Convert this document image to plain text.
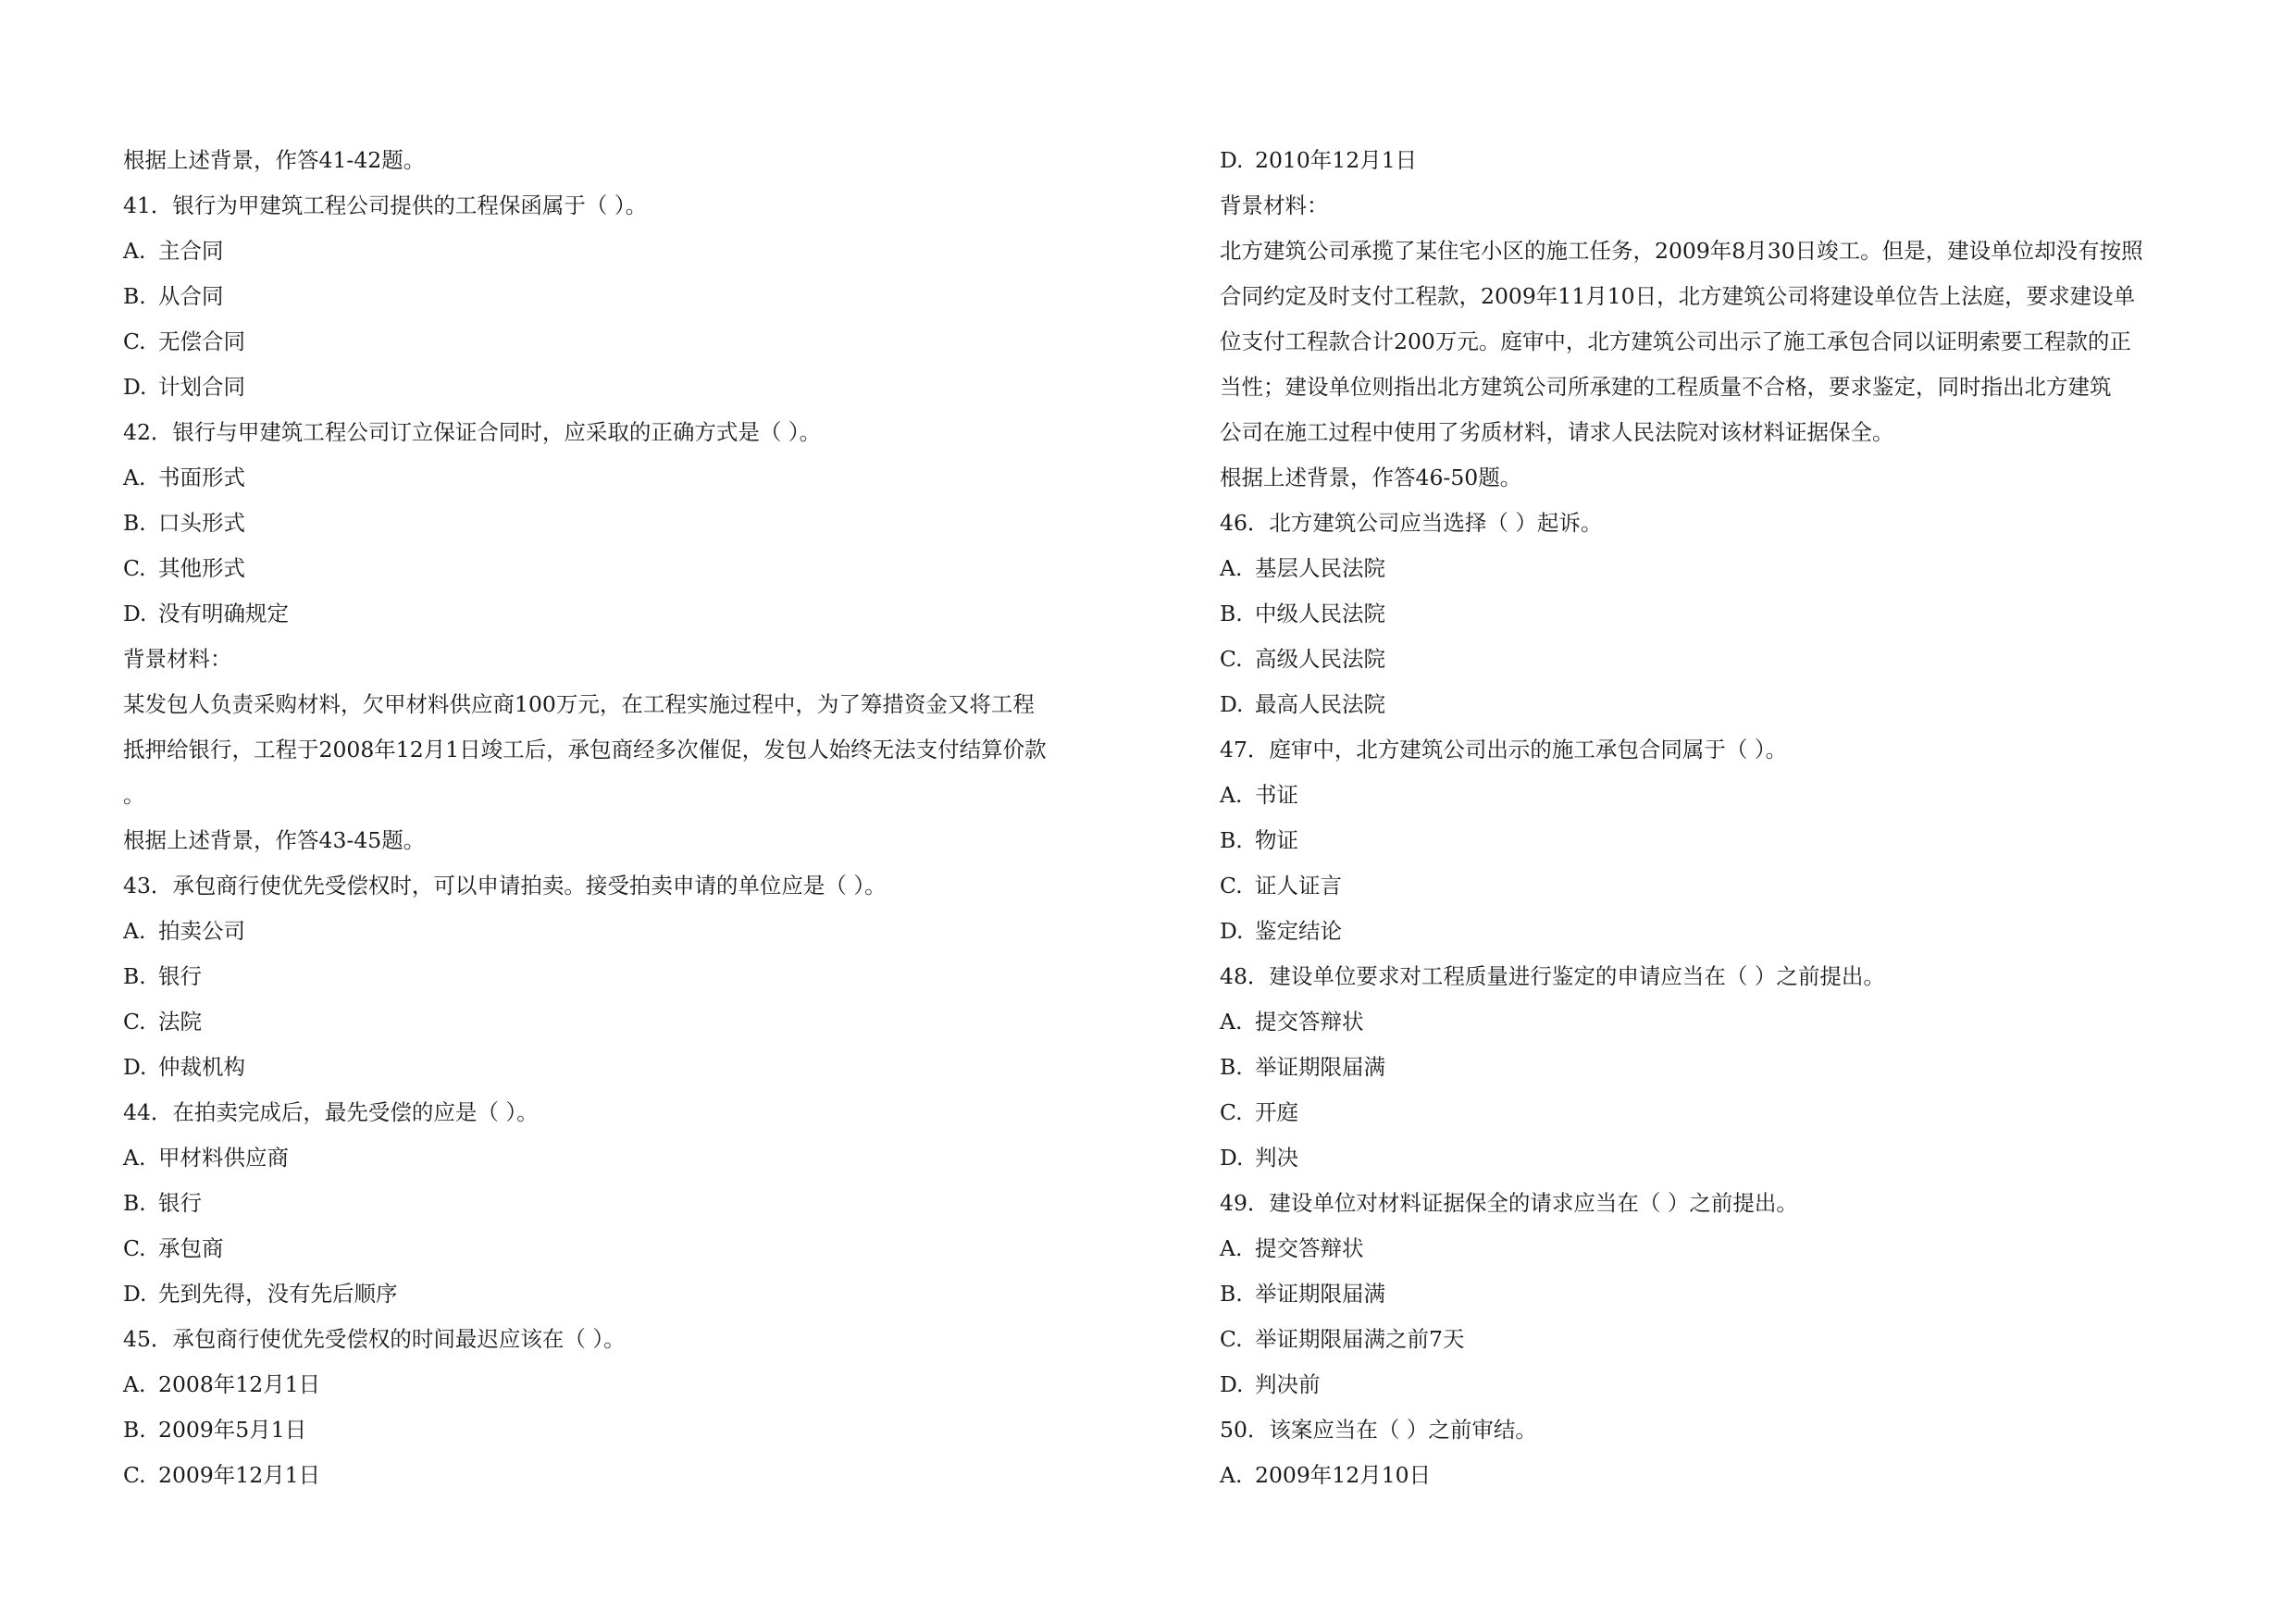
根据上述背景，作答41-42题。
41．银行为甲建筑工程公司提供的工程保函属于（ ）。
A. 主合同
B. 从合同
C. 无偿合同
D. 计划合同
42．银行与甲建筑工程公司订立保证合同时，应采取的正确方式是（ ）。
A. 书面形式
B. 口头形式
C. 其他形式
D. 没有明确规定
背景材料：
某发包人负责采购材料，欠甲材料供应商100万元，在工程实施过程中，为了筹措资金又将工程
抵押给银行，工程于2008年12月1日竣工后，承包商经多次催促，发包人始终无法支付结算价款
。
根据上述背景，作答43-45题。
43．承包商行使优先受偿权时，可以申请拍卖。接受拍卖申请的单位应是（ ）。
A. 拍卖公司
B. 银行
C. 法院
D. 仲裁机构
44．在拍卖完成后，最先受偿的应是（ ）。
A. 甲材料供应商
B. 银行
C. 承包商
D. 先到先得，没有先后顺序
45．承包商行使优先受偿权的时间最迟应该在（ ）。
A. 2008年12月1日
B. 2009年5月1日
C. 2009年12月1日
D. 2010年12月1日
背景材料：
北方建筑公司承揽了某住宅小区的施工任务，2009年8月30日竣工。但是，建设单位却没有按照
合同约定及时支付工程款，2009年11月10日，北方建筑公司将建设单位告上法庭，要求建设单
位支付工程款合计200万元。庭审中，北方建筑公司出示了施工承包合同以证明索要工程款的正
当性；建设单位则指出北方建筑公司所承建的工程质量不合格，要求鉴定，同时指出北方建筑
公司在施工过程中使用了劣质材料，请求人民法院对该材料证据保全。
根据上述背景，作答46-50题。
46．北方建筑公司应当选择（ ）起诉。
A. 基层人民法院
B. 中级人民法院
C. 高级人民法院
D. 最高人民法院
47．庭审中，北方建筑公司出示的施工承包合同属于（ ）。
A. 书证
B. 物证
C. 证人证言
D. 鉴定结论
48．建设单位要求对工程质量进行鉴定的申请应当在（ ）之前提出。
A. 提交答辩状
B. 举证期限届满
C. 开庭
D. 判决
49．建设单位对材料证据保全的请求应当在（ ）之前提出。
A. 提交答辩状
B. 举证期限届满
C. 举证期限届满之前7天
D. 判决前
50．该案应当在（ ）之前审结。
A. 2009年12月10日
